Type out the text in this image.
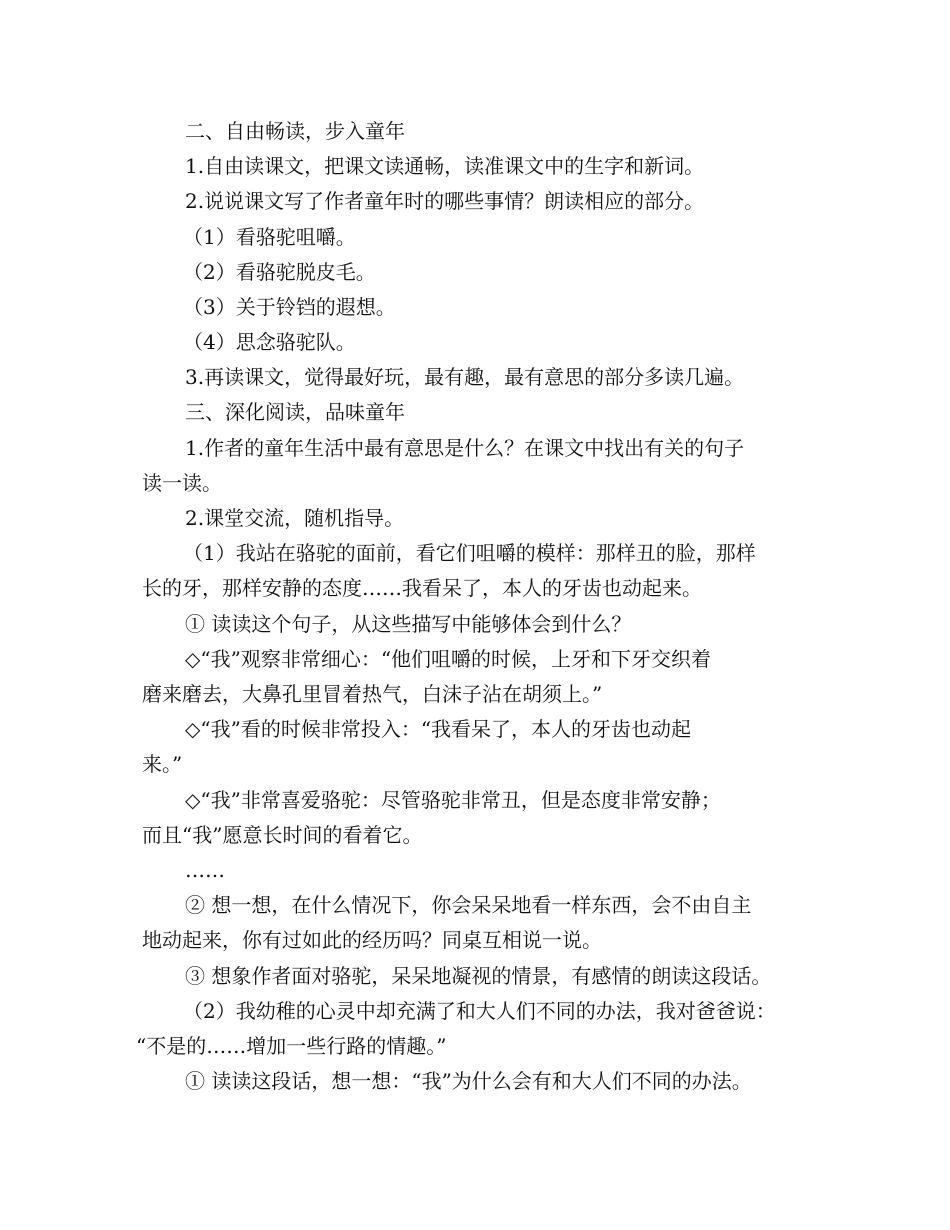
二、自由畅读，步入童年
1.自由读课文，把课文读通畅，读准课文中的生字和新词。
2.说说课文写了作者童年时的哪些事情？朗读相应的部分。
（1）看骆驼咀嚼。
（2）看骆驼脱皮毛。
（3）关于铃铛的遐想。
（4）思念骆驼队。
3.再读课文，觉得最好玩，最有趣，最有意思的部分多读几遍。
三、深化阅读，品味童年
1.作者的童年生活中最有意思是什么？在课文中找出有关的句子
读一读。
2.课堂交流，随机指导。
（1）我站在骆驼的面前，看它们咀嚼的模样：那样丑的脸，那样
长的牙，那样安静的态度……我看呆了，本人的牙齿也动起来。
① 读读这个句子，从这些描写中能够体会到什么？
◇“我”观察非常细心：“他们咀嚼的时候，上牙和下牙交织着
磨来磨去，大鼻孔里冒着热气，白沫子沾在胡须上。”
◇“我”看的时候非常投入：“我看呆了，本人的牙齿也动起
来。”
◇“我”非常喜爱骆驼：尽管骆驼非常丑，但是态度非常安静；
而且“我”愿意长时间的看着它。
……
② 想一想，在什么情况下，你会呆呆地看一样东西，会不由自主
地动起来，你有过如此的经历吗？同桌互相说一说。
③ 想象作者面对骆驼，呆呆地凝视的情景，有感情的朗读这段话。
（2）我幼稚的心灵中却充满了和大人们不同的办法，我对爸爸说：
“不是的……增加一些行路的情趣。”
① 读读这段话，想一想：“我”为什么会有和大人们不同的办法。
